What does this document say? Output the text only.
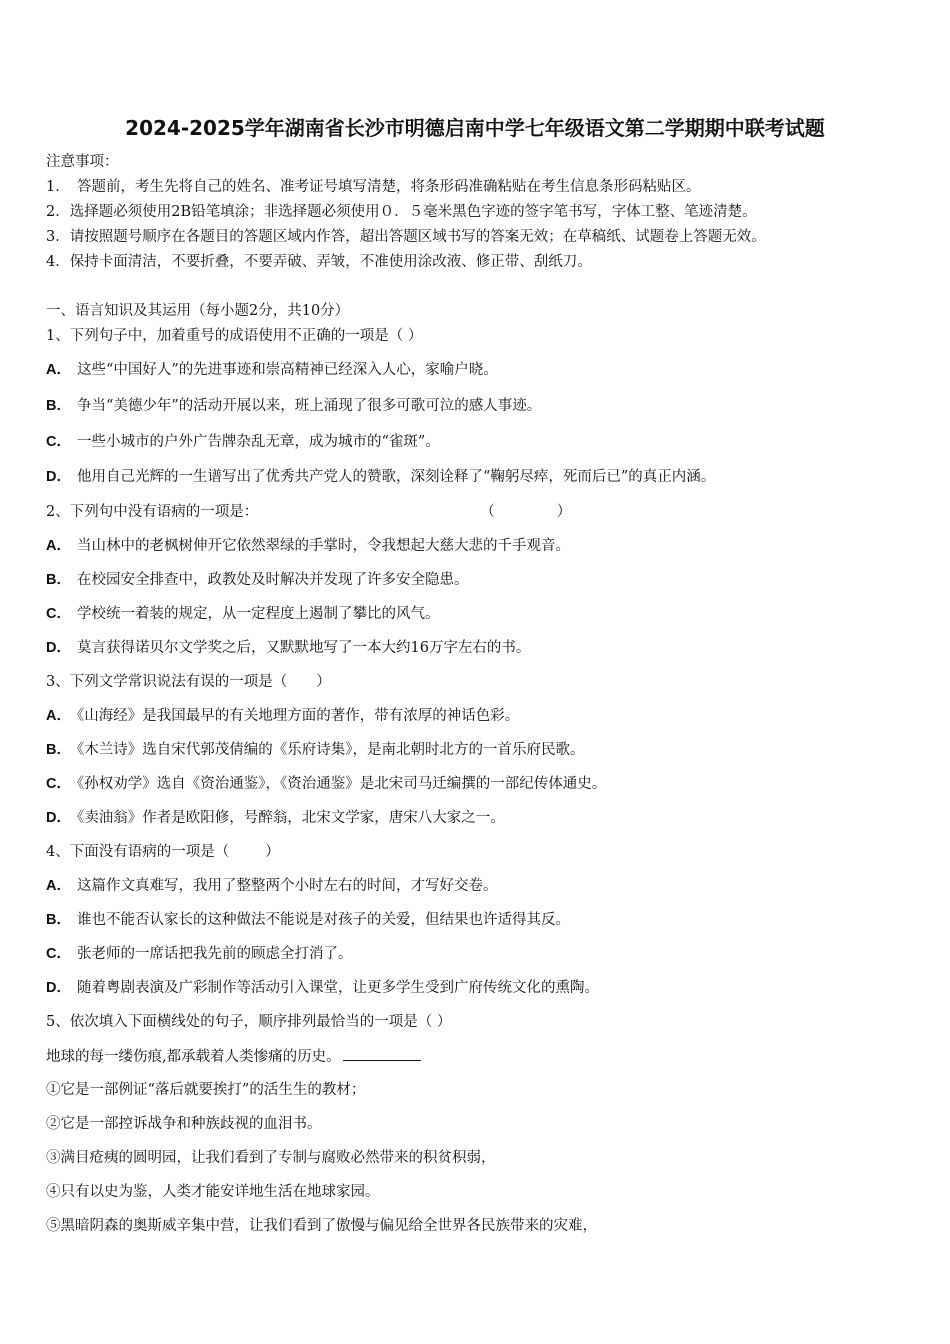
2024-2025学年湖南省长沙市明德启南中学七年级语文第二学期期中联考试题
注意事项：
1．　答题前，考生先将自己的姓名、准考证号填写清楚，将条形码准确粘贴在考生信息条形码粘贴区。
2．选择题必须使用2B铅笔填涂；非选择题必须使用０．５毫米黑色字迹的签字笔书写，字体工整、笔迹清楚。
3．请按照题号顺序在各题目的答题区域内作答，超出答题区域书写的答案无效；在草稿纸、试题卷上答题无效。
4．保持卡面清洁，不要折叠，不要弄破、弄皱，不准使用涂改液、修正带、刮纸刀。
一、语言知识及其运用（每小题2分，共10分）
1、下列句子中，加着重号的成语使用不正确的一项是（ ）
A． 这些“中国好人”的先进事迹和崇高精神已经深入人心，家喻户晓。
B． 争当“美德少年”的活动开展以来，班上涌现了很多可歌可泣的感人事迹。
C． 一些小城市的户外广告牌杂乱无章，成为城市的“雀斑”。
D． 他用自己光辉的一生谱写出了优秀共产党人的赞歌，深刻诠释了“鞠躬尽瘁，死而后已”的真正内涵。
2、下列句中没有语病的一项是：	（	）
A． 当山林中的老枫树伸开它依然翠绿的手掌时，令我想起大慈大悲的千手观音。
B． 在校园安全排查中，政教处及时解决并发现了许多安全隐患。
C． 学校统一着装的规定，从一定程度上遏制了攀比的风气。
D． 莫言获得诺贝尔文学奖之后，又默默地写了一本大约16万字左右的书。
3、下列文学常识说法有误的一项是（　　）
A． 《山海经》是我国最早的有关地理方面的著作，带有浓厚的神话色彩。
B． 《木兰诗》选自宋代郭茂倩编的《乐府诗集》，是南北朝时北方的一首乐府民歌。
C． 《孙权劝学》选自《资治通鉴》，《资治通鉴》是北宋司马迁编撰的一部纪传体通史。
D． 《卖油翁》作者是欧阳修，号醉翁，北宋文学家，唐宋八大家之一。
4、下面没有语病的一项是（ ）
A． 这篇作文真难写，我用了整整两个小时左右的时间，才写好交卷。
B． 谁也不能否认家长的这种做法不能说是对孩子的关爱，但结果也许适得其反。
C． 张老师的一席话把我先前的顾虑全打消了。
D． 随着粤剧表演及广彩制作等活动引入课堂，让更多学生受到广府传统文化的熏陶。
5、依次填入下面横线处的句子，顺序排列最恰当的一项是（ ）
地球的每一缕伤痕,都承载着人类惨痛的历史。
①它是一部例证“落后就要挨打”的活生生的教材；
②它是一部控诉战争和种族歧视的血泪书。
③满目疮痍的圆明园，让我们看到了专制与腐败必然带来的积贫积弱，
④只有以史为鉴，人类才能安详地生活在地球家园。
⑤黑暗阴森的奥斯威辛集中营，让我们看到了傲慢与偏见给全世界各民族带来的灾难，
